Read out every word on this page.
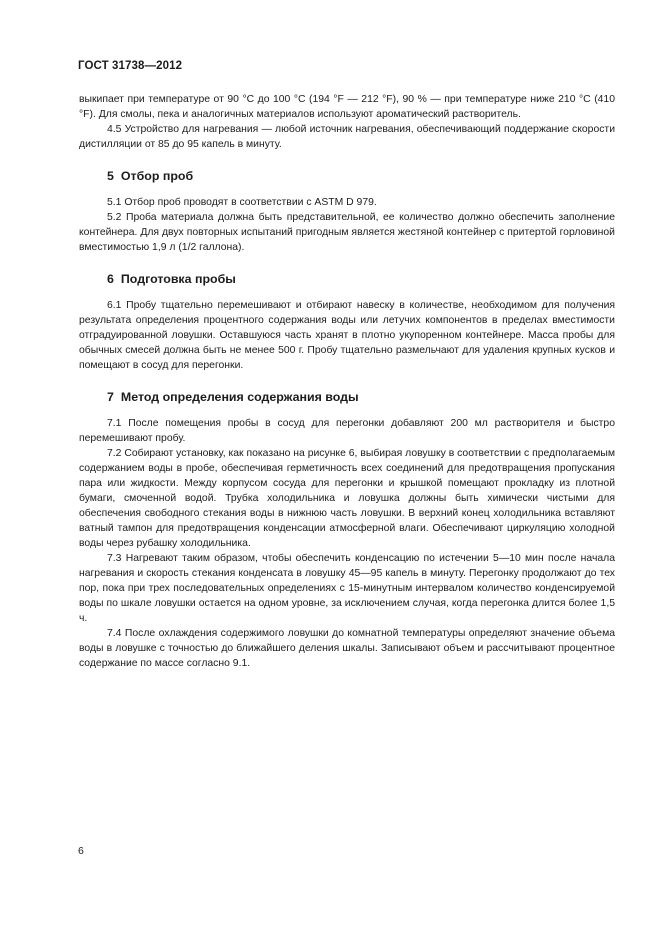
ГОСТ 31738—2012

выкипает при температуре от 90 °С до 100 °С (194 °F — 212 °F), 90 % — при температуре ниже 210 °С (410 °F). Для смолы, пека и аналогичных материалов используют ароматический растворитель.

4.5 Устройство для нагревания — любой источник нагревания, обеспечивающий поддержание скорости дистилляции от 85 до 95 капель в минуту.

5 Отбор проб

5.1 Отбор проб проводят в соответствии с ASTM D 979.

5.2 Проба материала должна быть представительной, ее количество должно обеспечить заполнение контейнера. Для двух повторных испытаний пригодным является жестяной контейнер с притертой горловиной вместимостью 1,9 л (1/2 галлона).

6 Подготовка пробы

6.1 Пробу тщательно перемешивают и отбирают навеску в количестве, необходимом для получения результата определения процентного содержания воды или летучих компонентов в пределах вместимости отградуированной ловушки. Оставшуюся часть хранят в плотно укупоренном контейнере. Масса пробы для обычных смесей должна быть не менее 500 г. Пробу тщательно размельчают для удаления крупных кусков и помещают в сосуд для перегонки.

7 Метод определения содержания воды

7.1 После помещения пробы в сосуд для перегонки добавляют 200 мл растворителя и быстро перемешивают пробу.

7.2 Собирают установку, как показано на рисунке 6, выбирая ловушку в соответствии с предполагаемым содержанием воды в пробе, обеспечивая герметичность всех соединений для предотвращения пропускания пара или жидкости. Между корпусом сосуда для перегонки и крышкой помещают прокладку из плотной бумаги, смоченной водой. Трубка холодильника и ловушка должны быть химически чистыми для обеспечения свободного стекания воды в нижнюю часть ловушки. В верхний конец холодильника вставляют ватный тампон для предотвращения конденсации атмосферной влаги. Обеспечивают циркуляцию холодной воды через рубашку холодильника.

7.3 Нагревают таким образом, чтобы обеспечить конденсацию по истечении 5—10 мин после начала нагревания и скорость стекания конденсата в ловушку 45—95 капель в минуту. Перегонку продолжают до тех пор, пока при трех последовательных определениях с 15-минутным интервалом количество конденсируемой воды по шкале ловушки остается на одном уровне, за исключением случая, когда перегонка длится более 1,5 ч.

7.4 После охлаждения содержимого ловушки до комнатной температуры определяют значение объема воды в ловушке с точностью до ближайшего деления шкалы. Записывают объем и рассчитывают процентное содержание по массе согласно 9.1.

6
